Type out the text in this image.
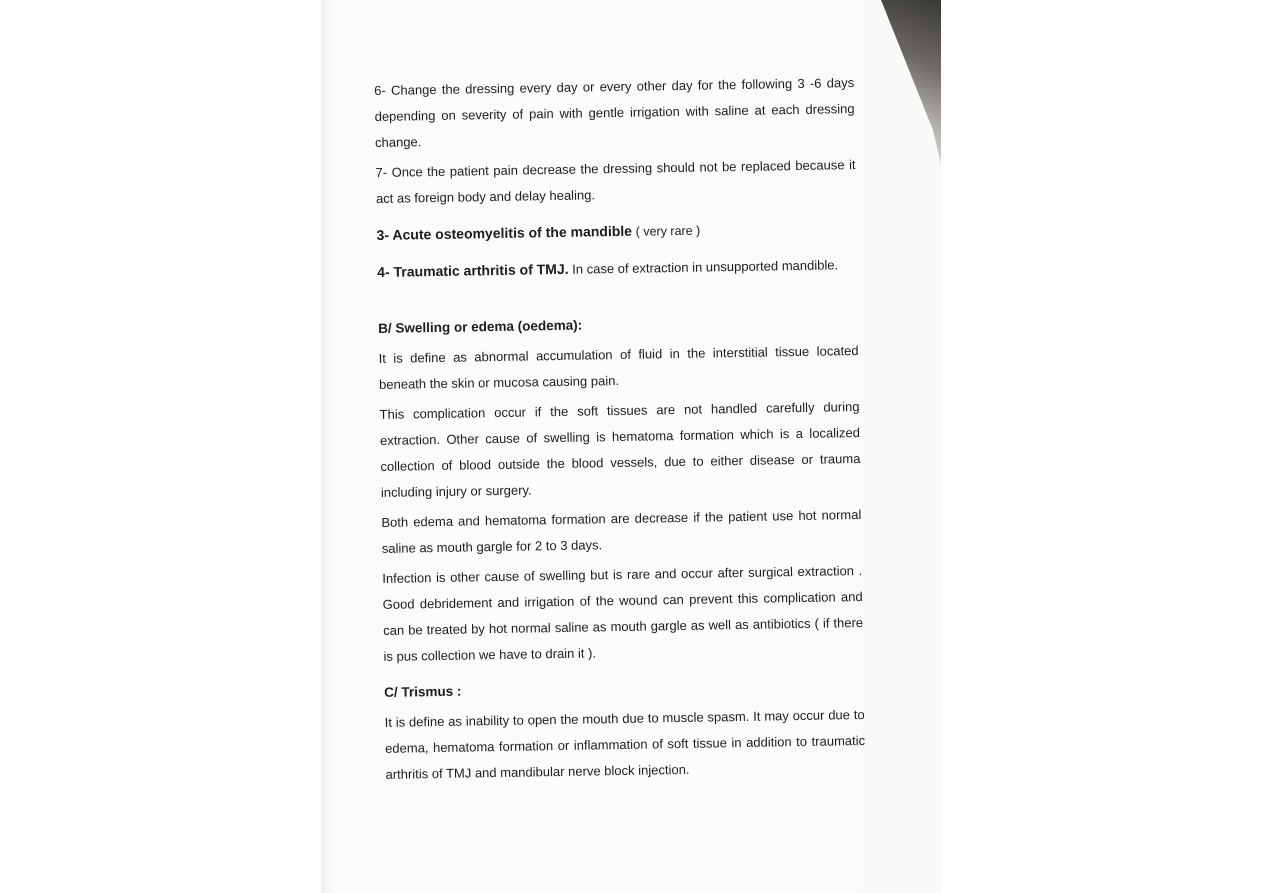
6- Change the dressing every day or every other day for the following 3 -6 days depending on severity of pain with gentle irrigation with saline at each dressing change.

7- Once the patient pain decrease the dressing should not be replaced because it act as foreign body and delay healing.

3- Acute osteomyelitis of the mandible ( very rare )

4- Traumatic arthritis of TMJ. In case of extraction in unsupported mandible.

B/ Swelling or edema (oedema):

It is define as abnormal accumulation of fluid in the interstitial tissue located beneath the skin or mucosa causing pain.

This complication occur if the soft tissues are not handled carefully during extraction. Other cause of swelling is hematoma formation which is a localized collection of blood outside the blood vessels, due to either disease or trauma including injury or surgery.

Both edema and hematoma formation are decrease if the patient use hot normal saline as mouth gargle for 2 to 3 days.

Infection is other cause of swelling but is rare and occur after surgical extraction . Good debridement and irrigation of the wound can prevent this complication and can be treated by hot normal saline as mouth gargle as well as antibiotics ( if there is pus collection we have to drain it ).

C/ Trismus :

It is define as inability to open the mouth due to muscle spasm. It may occur due to edema, hematoma formation or inflammation of soft tissue in addition to traumatic arthritis of TMJ and mandibular nerve block injection.
